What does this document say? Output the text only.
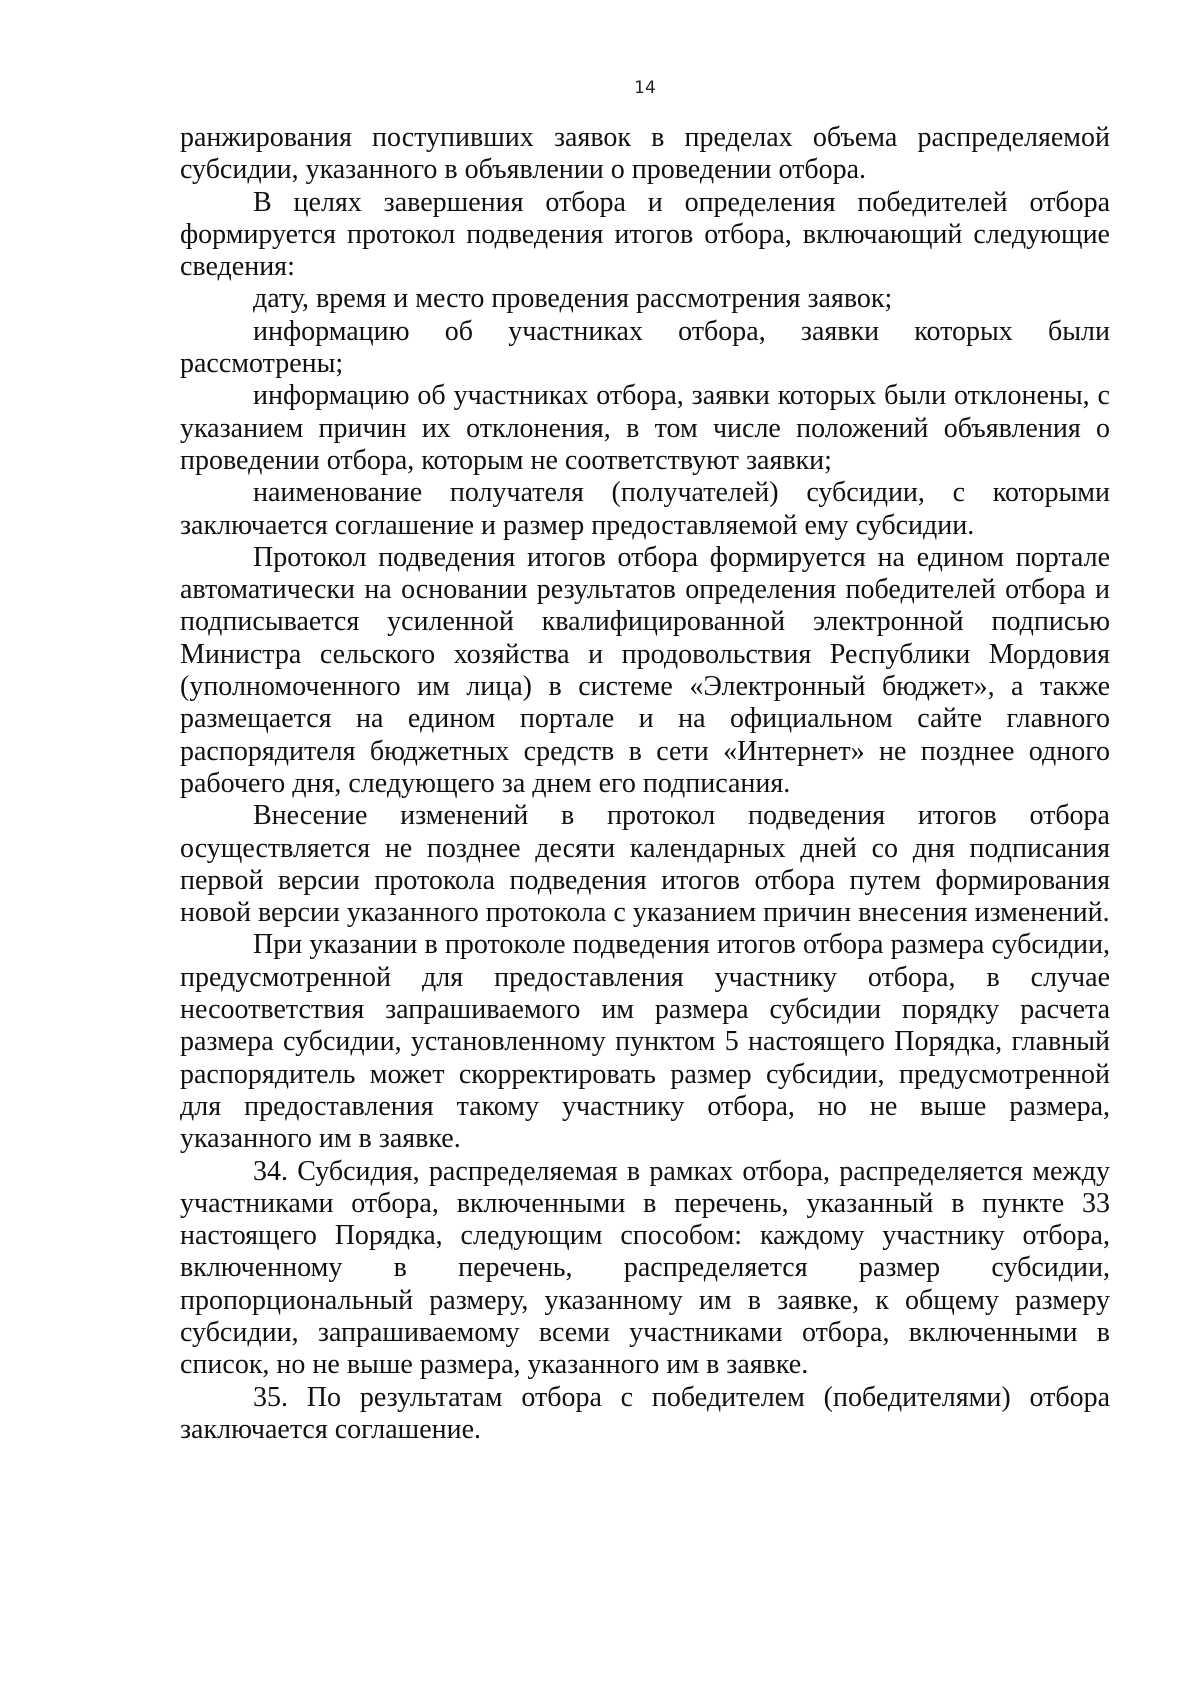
14

ранжирования поступивших заявок в пределах объема распределяемой субсидии, указанного в объявлении о проведении отбора.

В целях завершения отбора и определения победителей отбора формируется протокол подведения итогов отбора, включающий следующие сведения:

дату, время и место проведения рассмотрения заявок;

информацию об участниках отбора, заявки которых были рассмотрены;

информацию об участниках отбора, заявки которых были отклонены, с указанием причин их отклонения, в том числе положений объявления о проведении отбора, которым не соответствуют заявки;

наименование получателя (получателей) субсидии, с которыми заключается соглашение и размер предоставляемой ему субсидии.

Протокол подведения итогов отбора формируется на едином портале автоматически на основании результатов определения победителей отбора и подписывается усиленной квалифицированной электронной подписью Министра сельского хозяйства и продовольствия Республики Мордовия (уполномоченного им лица) в системе «Электронный бюджет», а также размещается на едином портале и на официальном сайте главного распорядителя бюджетных средств в сети «Интернет» не позднее одного рабочего дня, следующего за днем его подписания.

Внесение изменений в протокол подведения итогов отбора осуществляется не позднее десяти календарных дней со дня подписания первой версии протокола подведения итогов отбора путем формирования новой версии указанного протокола с указанием причин внесения изменений.

При указании в протоколе подведения итогов отбора размера субсидии, предусмотренной для предоставления участнику отбора, в случае несоответствия запрашиваемого им размера субсидии порядку расчета размера субсидии, установленному пунктом 5 настоящего Порядка, главный распорядитель может скорректировать размер субсидии, предусмотренной для предоставления такому участнику отбора, но не выше размера, указанного им в заявке.

34. Субсидия, распределяемая в рамках отбора, распределяется между участниками отбора, включенными в перечень, указанный в пункте 33 настоящего Порядка, следующим способом: каждому участнику отбора, включенному в перечень, распределяется размер субсидии, пропорциональный размеру, указанному им в заявке, к общему размеру субсидии, запрашиваемому всеми участниками отбора, включенными в список, но не выше размера, указанного им в заявке.

35. По результатам отбора с победителем (победителями) отбора заключается соглашение.
